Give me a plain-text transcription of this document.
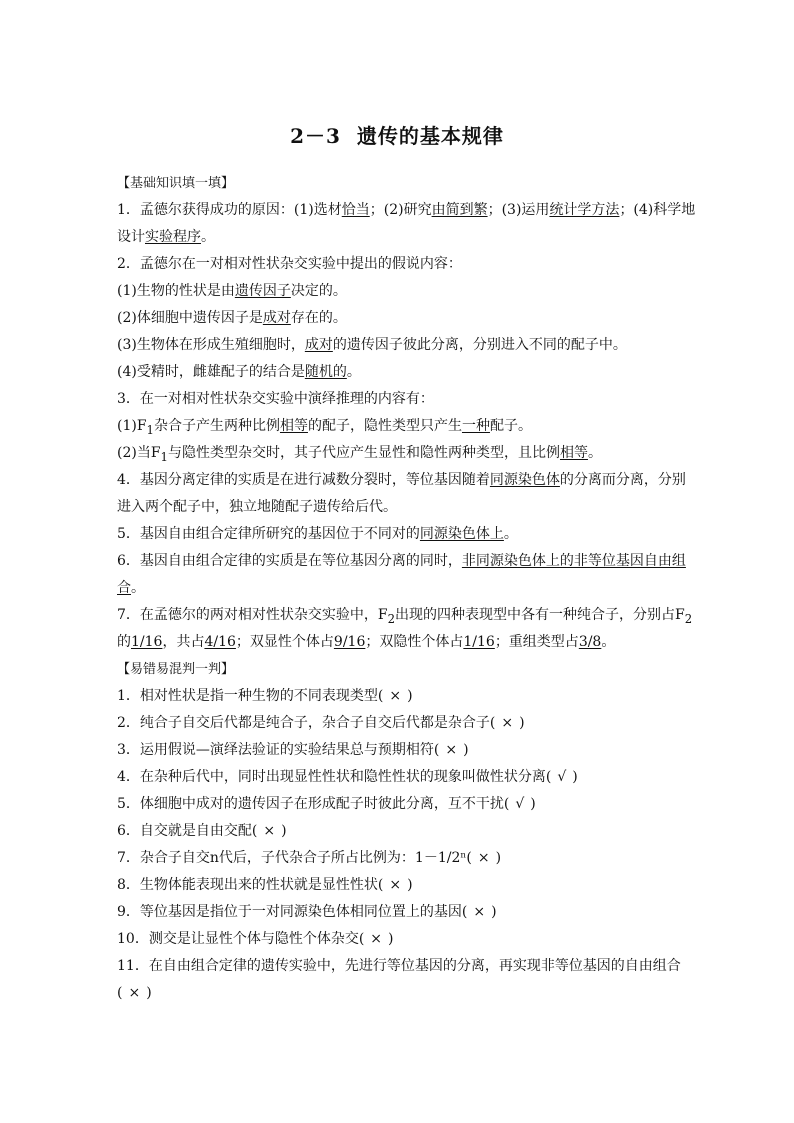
2－3 遗传的基本规律
【基础知识填一填】
1．孟德尔获得成功的原因：(1)选材恰当；(2)研究由简到繁；(3)运用统计学方法；(4)科学地
设计实验程序。
2．孟德尔在一对相对性状杂交实验中提出的假说内容：
(1)生物的性状是由遗传因子决定的。
(2)体细胞中遗传因子是成对存在的。
(3)生物体在形成生殖细胞时，成对的遗传因子彼此分离，分别进入不同的配子中。
(4)受精时，雌雄配子的结合是随机的。
3．在一对相对性状杂交实验中演绎推理的内容有：
$(1)F_1$杂合子产生两种比例相等的配子，隐性类型只产生一种配子。
(2)当$F_1$与隐性类型杂交时，其子代应产生显性和隐性两种类型，且比例相等。
4．基因分离定律的实质是在进行减数分裂时，等位基因随着同源染色体的分离而分离，分别
进入两个配子中，独立地随配子遗传给后代。
5．基因自由组合定律所研究的基因位于不同对的同源染色体上。
6．基因自由组合定律的实质是在等位基因分离的同时，非同源染色体上的非等位基因自由组
合。
7．在孟德尔的两对相对性状杂交实验中，$F_2$出现的四种表现型中各有一种纯合子，分别占$F_2$
的1/16，共占4/16；双显性个体占9/16；双隐性个体占1/16；重组类型占3/8。
【易错易混判一判】
1．相对性状是指一种生物的不同表现类型( × )
2．纯合子自交后代都是纯合子，杂合子自交后代都是杂合子( × )
3．运用假说—演绎法验证的实验结果总与预期相符( × )
4．在杂种后代中，同时出现显性性状和隐性性状的现象叫做性状分离( √ )
5．体细胞中成对的遗传因子在形成配子时彼此分离，互不干扰( √ )
6．自交就是自由交配( × )
7．杂合子自交n代后，子代杂合子所占比例为：1－1/2ⁿ( × )
8．生物体能表现出来的性状就是显性性状( × )
9．等位基因是指位于一对同源染色体相同位置上的基因( × )
10．测交是让显性个体与隐性个体杂交( × )
11．在自由组合定律的遗传实验中，先进行等位基因的分离，再实现非等位基因的自由组合
( × )
